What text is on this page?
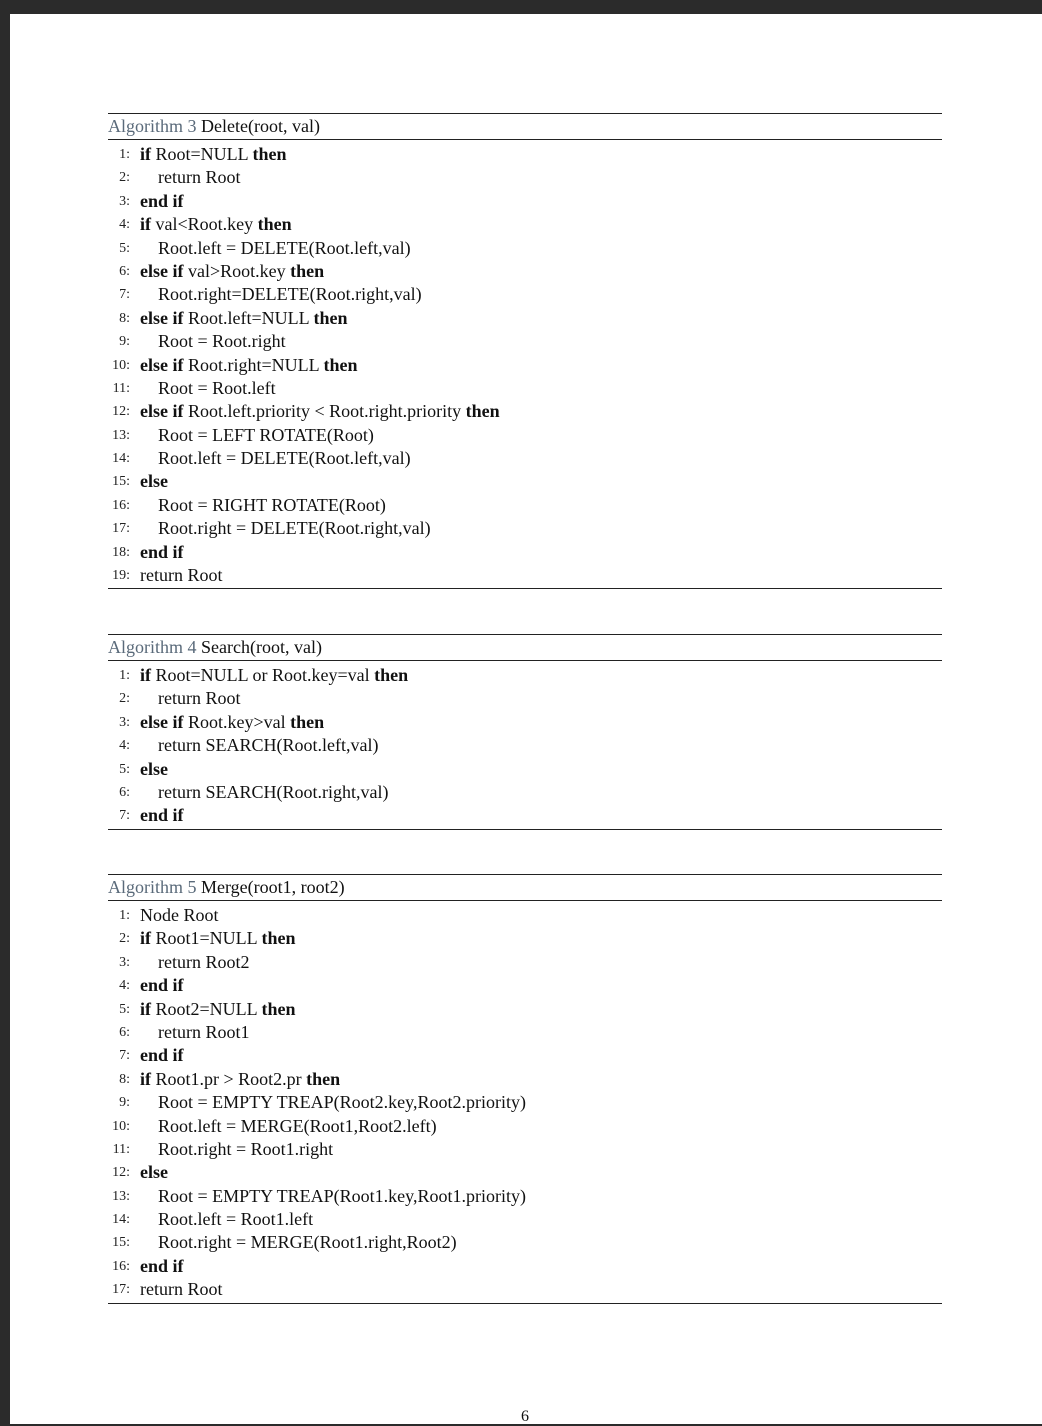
Algorithm 3 Delete(root, val)
1: if Root=NULL then
2: return Root
3: end if
4: if val<Root.key then
5: Root.left = DELETE(Root.left,val)
6: else if val>Root.key then
7: Root.right=DELETE(Root.right,val)
8: else if Root.left=NULL then
9: Root = Root.right
10: else if Root.right=NULL then
11: Root = Root.left
12: else if Root.left.priority < Root.right.priority then
13: Root = LEFT ROTATE(Root)
14: Root.left = DELETE(Root.left,val)
15: else
16: Root = RIGHT ROTATE(Root)
17: Root.right = DELETE(Root.right,val)
18: end if
19: return Root
Algorithm 4 Search(root, val)
1: if Root=NULL or Root.key=val then
2: return Root
3: else if Root.key>val then
4: return SEARCH(Root.left,val)
5: else
6: return SEARCH(Root.right,val)
7: end if
Algorithm 5 Merge(root1, root2)
1: Node Root
2: if Root1=NULL then
3: return Root2
4: end if
5: if Root2=NULL then
6: return Root1
7: end if
8: if Root1.pr > Root2.pr then
9: Root = EMPTY TREAP(Root2.key,Root2.priority)
10: Root.left = MERGE(Root1,Root2.left)
11: Root.right = Root1.right
12: else
13: Root = EMPTY TREAP(Root1.key,Root1.priority)
14: Root.left = Root1.left
15: Root.right = MERGE(Root1.right,Root2)
16: end if
17: return Root
6
